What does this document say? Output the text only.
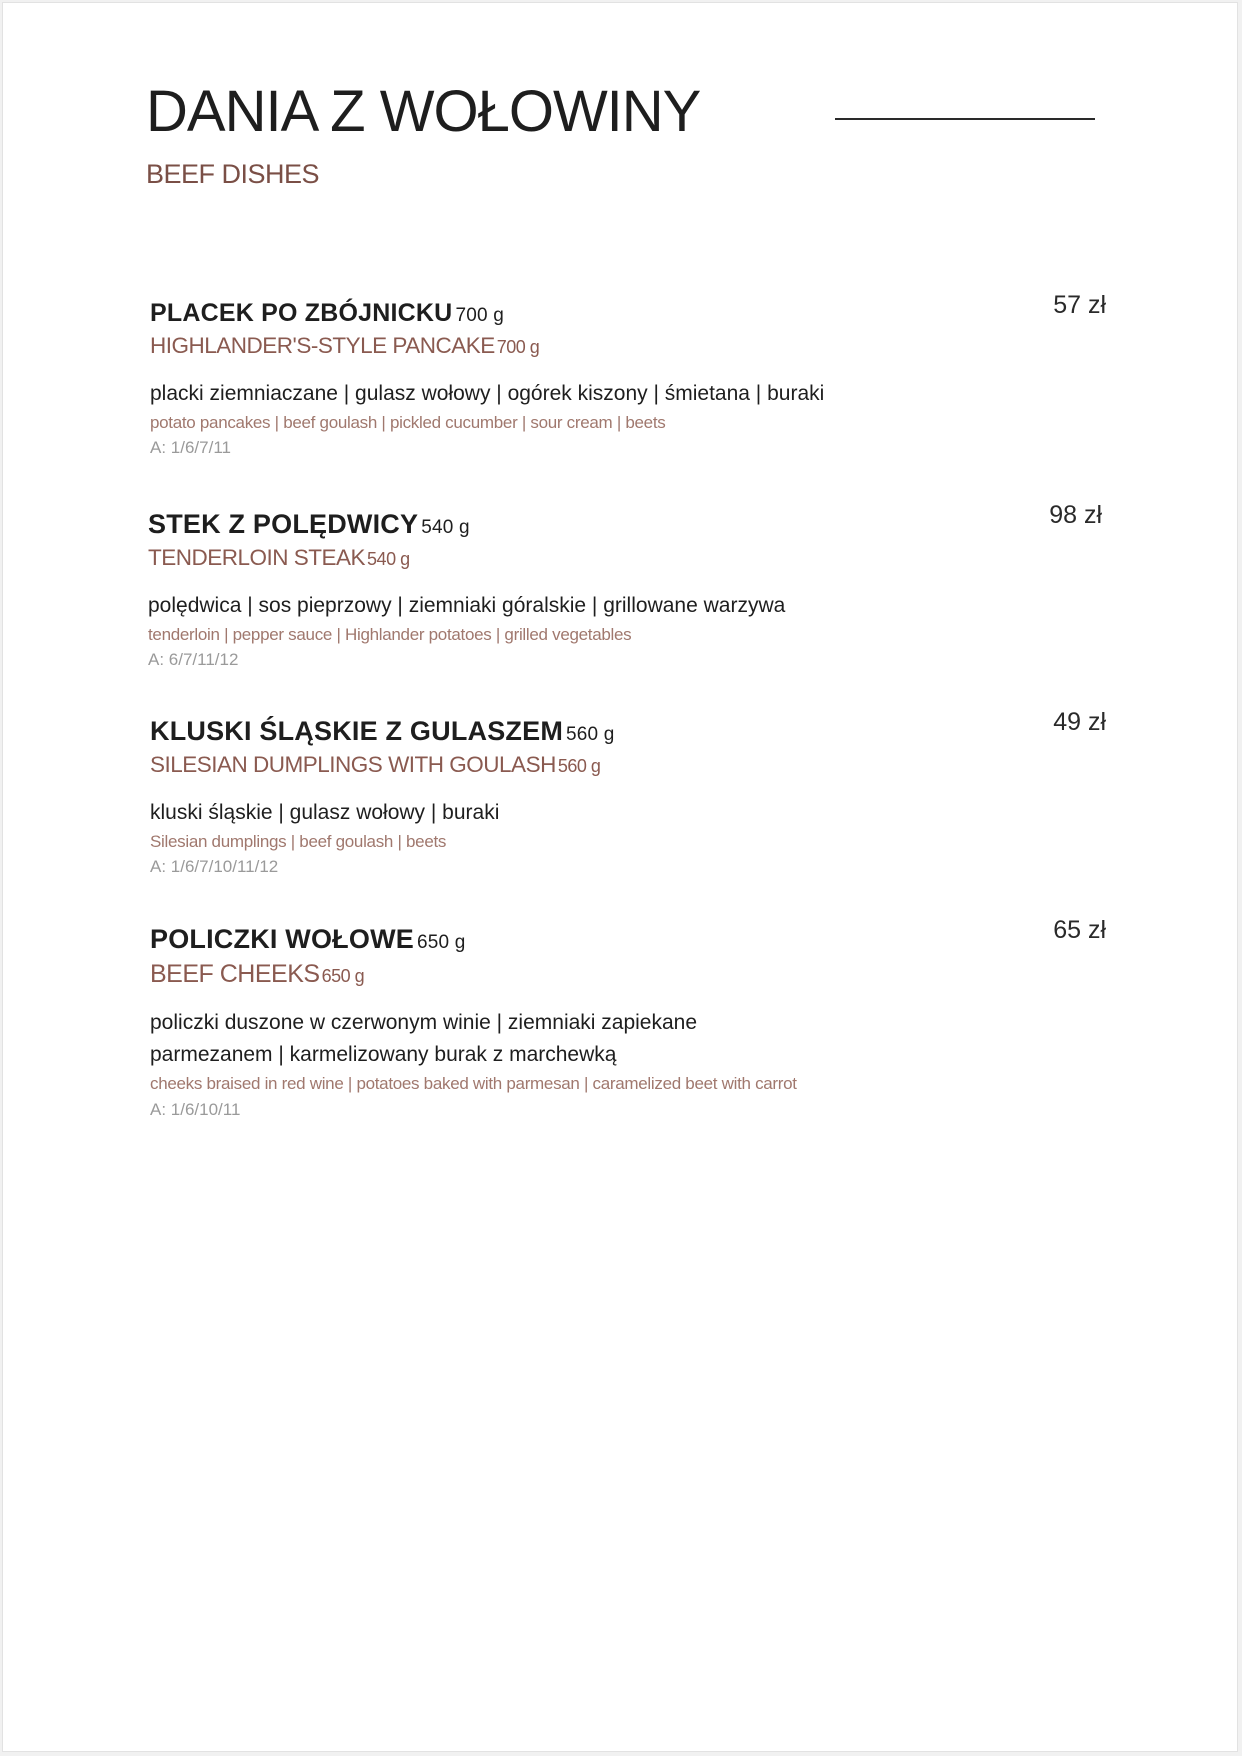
DANIA Z WOŁOWINY
BEEF DISHES
PLACEK PO ZBÓJNICKU 700 g
HIGHLANDER'S-STYLE PANCAKE 700 g
placki ziemniaczane | gulasz wołowy | ogórek kiszony | śmietana | buraki
potato pancakes | beef goulash | pickled cucumber | sour cream | beets
A: 1/6/7/11
57 zł
STEK Z POLĘDWICY 540 g
TENDERLOIN STEAK 540 g
polędwica | sos pieprzowy | ziemniaki góralskie | grillowane warzywa
tenderloin | pepper sauce | Highlander potatoes | grilled vegetables
A: 6/7/11/12
98 zł
KLUSKI ŚLĄSKIE Z GULASZEM 560 g
SILESIAN DUMPLINGS WITH GOULASH 560 g
kluski śląskie | gulasz wołowy | buraki
Silesian dumplings | beef goulash | beets
A: 1/6/7/10/11/12
49 zł
POLICZKI WOŁOWE 650 g
BEEF CHEEKS 650 g
policzki duszone w czerwonym winie | ziemniaki zapiekane
parmezanem | karmelizowany burak z marchewką
cheeks braised in red wine | potatoes baked with parmesan | caramelized beet with carrot
A: 1/6/10/11
65 zł
